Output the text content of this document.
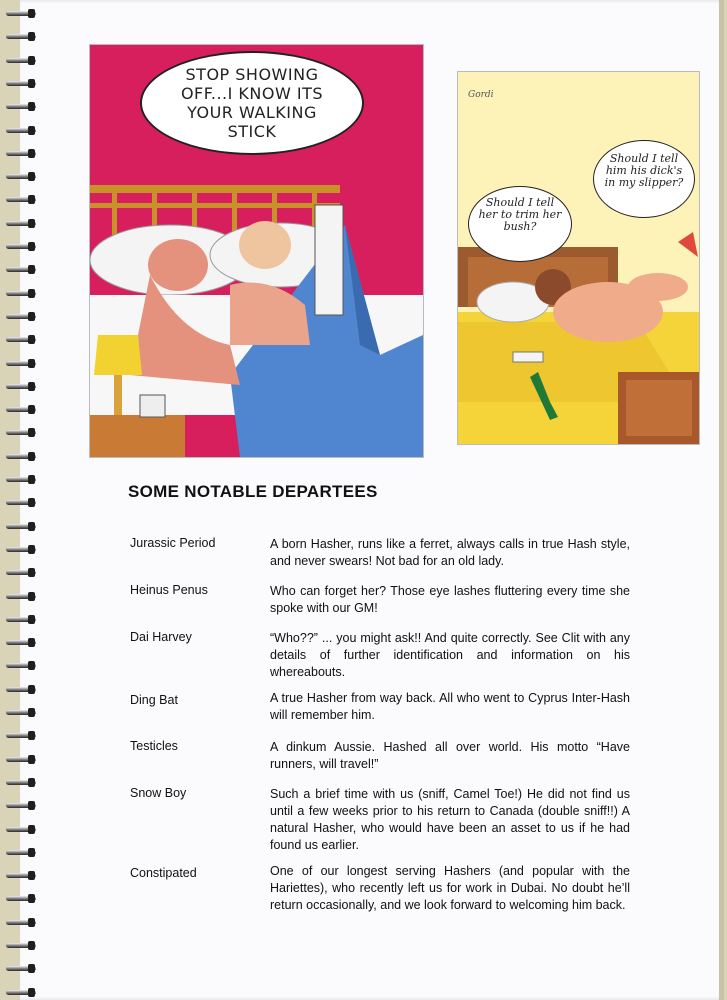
STOP SHOWING OFF...I KNOW ITS YOUR WALKING STICK
Gordi
Should I tell her to trim her bush?
Should I tell him his dick's in my slipper?
SOME NOTABLE DEPARTEES
Jurassic Period	A born Hasher, runs like a ferret, always calls in true Hash style, and never swears! Not bad for an old lady.
Heinus Penus	Who can forget her? Those eye lashes fluttering every time she spoke with our GM!
Dai Harvey	“Who??” ... you might ask!! And quite correctly. See Clit with any details of further identification and information on his whereabouts.
Ding Bat	A true Hasher from way back. All who went to Cyprus Inter-Hash will remember him.
Testicles	A dinkum Aussie. Hashed all over world. His motto “Have runners, will travel!”
Snow Boy	Such a brief time with us (sniff, Camel Toe!) He did not find us until a few weeks prior to his return to Canada (double sniff!!) A natural Hasher, who would have been an asset to us if he had found us earlier.
Constipated	One of our longest serving Hashers (and popular with the Hariettes), who recently left us for work in Dubai. No doubt he’ll return occasionally, and we look forward to welcoming him back.
